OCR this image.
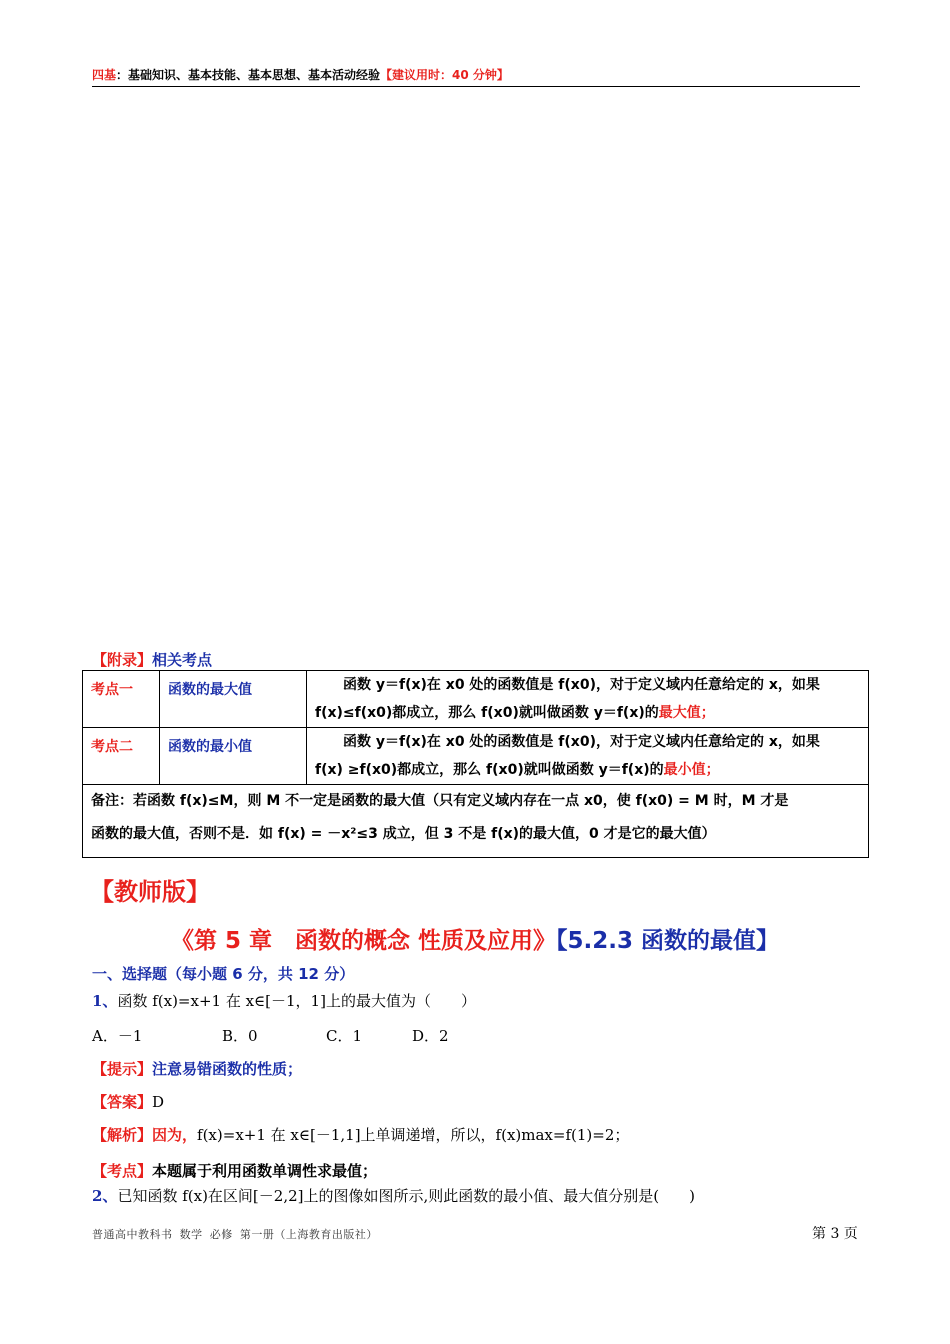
四基：基础知识、基本技能、基本思想、基本活动经验【建议用时：40 分钟】
【附录】相关考点
考点一	函数的最大值	函数 y＝f(x)在 x0 处的函数值是 f(x0)，对于定义域内任意给定的 x，如果
f(x)≤f(x0)都成立，那么 f(x0)就叫做函数 y＝f(x)的最大值；
考点二	函数的最小值	函数 y＝f(x)在 x0 处的函数值是 f(x0)，对于定义域内任意给定的 x，如果
f(x) ≥f(x0)都成立，那么 f(x0)就叫做函数 y＝f(x)的最小值；
备注：若函数 f(x)≤M，则 M 不一定是函数的最大值（只有定义域内存在一点 x0，使 f(x0) = M 时，M 才是
函数的最大值，否则不是．如 f(x) = －x²≤3 成立，但 3 不是 f(x)的最大值，0 才是它的最大值）		
【教师版】
《第 5 章　函数的概念 性质及应用》【5.2.3 函数的最值】
一、选择题（每小题 6 分，共 12 分）
1、函数 f(x)=x+1 在 x∈[－1，1]上的最大值为（　　）
A．－1	B．0	C．1	D．2
【提示】注意易错函数的性质；
【答案】D
【解析】因为，f(x)=x+1 在 x∈[－1,1]上单调递增，所以，f(x)max=f(1)=2；
【考点】本题属于利用函数单调性求最值；
2、已知函数 f(x)在区间[－2,2]上的图像如图所示,则此函数的最小值、最大值分别是(　　)
普通高中教科书 数学 必修 第一册（上海教育出版社）	第 3 页
